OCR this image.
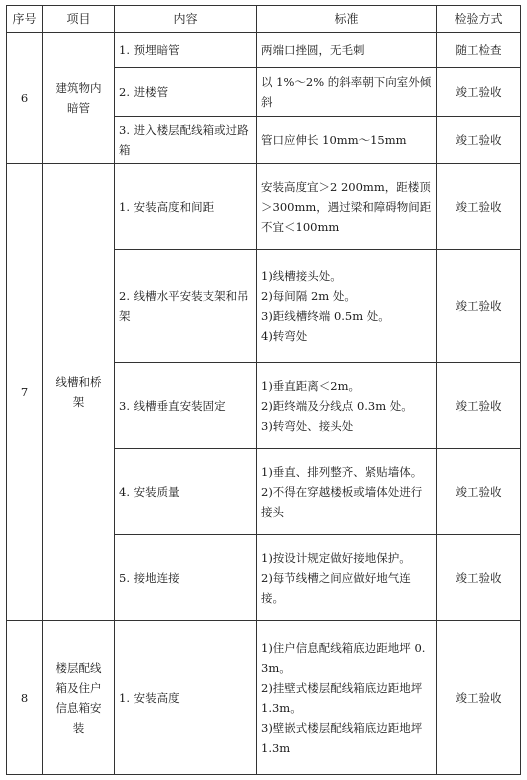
序号	项目	内容	标准	检验方式
6	建筑物内暗管	1. 预埋暗管	两端口挫圆，无毛刺	随工检查
		2. 进楼管	以 1%～2% 的斜率朝下向室外倾斜	竣工验收
		3. 进入楼层配线箱或过路箱	管口应伸长 10mm～15mm	竣工验收
7	线槽和桥架	1. 安装高度和间距	安装高度宜＞2 200mm，距楼顶＞300mm，遇过梁和障碍物间距不宜＜100mm	竣工验收
		2. 线槽水平安装支架和吊架	1)线槽接头处。
2)每间隔 2m 处。
3)距线槽终端 0.5m 处。
4)转弯处	竣工验收
		3. 线槽垂直安装固定	1)垂直距离＜2m。
2)距终端及分线点 0.3m 处。
3)转弯处、接头处	竣工验收
		4. 安装质量	1)垂直、排列整齐、紧贴墙体。
2)不得在穿越楼板或墙体处进行接头	竣工验收
		5. 接地连接	1)按设计规定做好接地保护。
2)每节线槽之间应做好地气连接。	竣工验收
8	楼层配线箱及住户信息箱安装	1. 安装高度	1)住户信息配线箱底边距地坪 0.3m。
2)挂壁式楼层配线箱底边距地坪 1.3m。
3)壁嵌式楼层配线箱底边距地坪 1.3m	竣工验收
